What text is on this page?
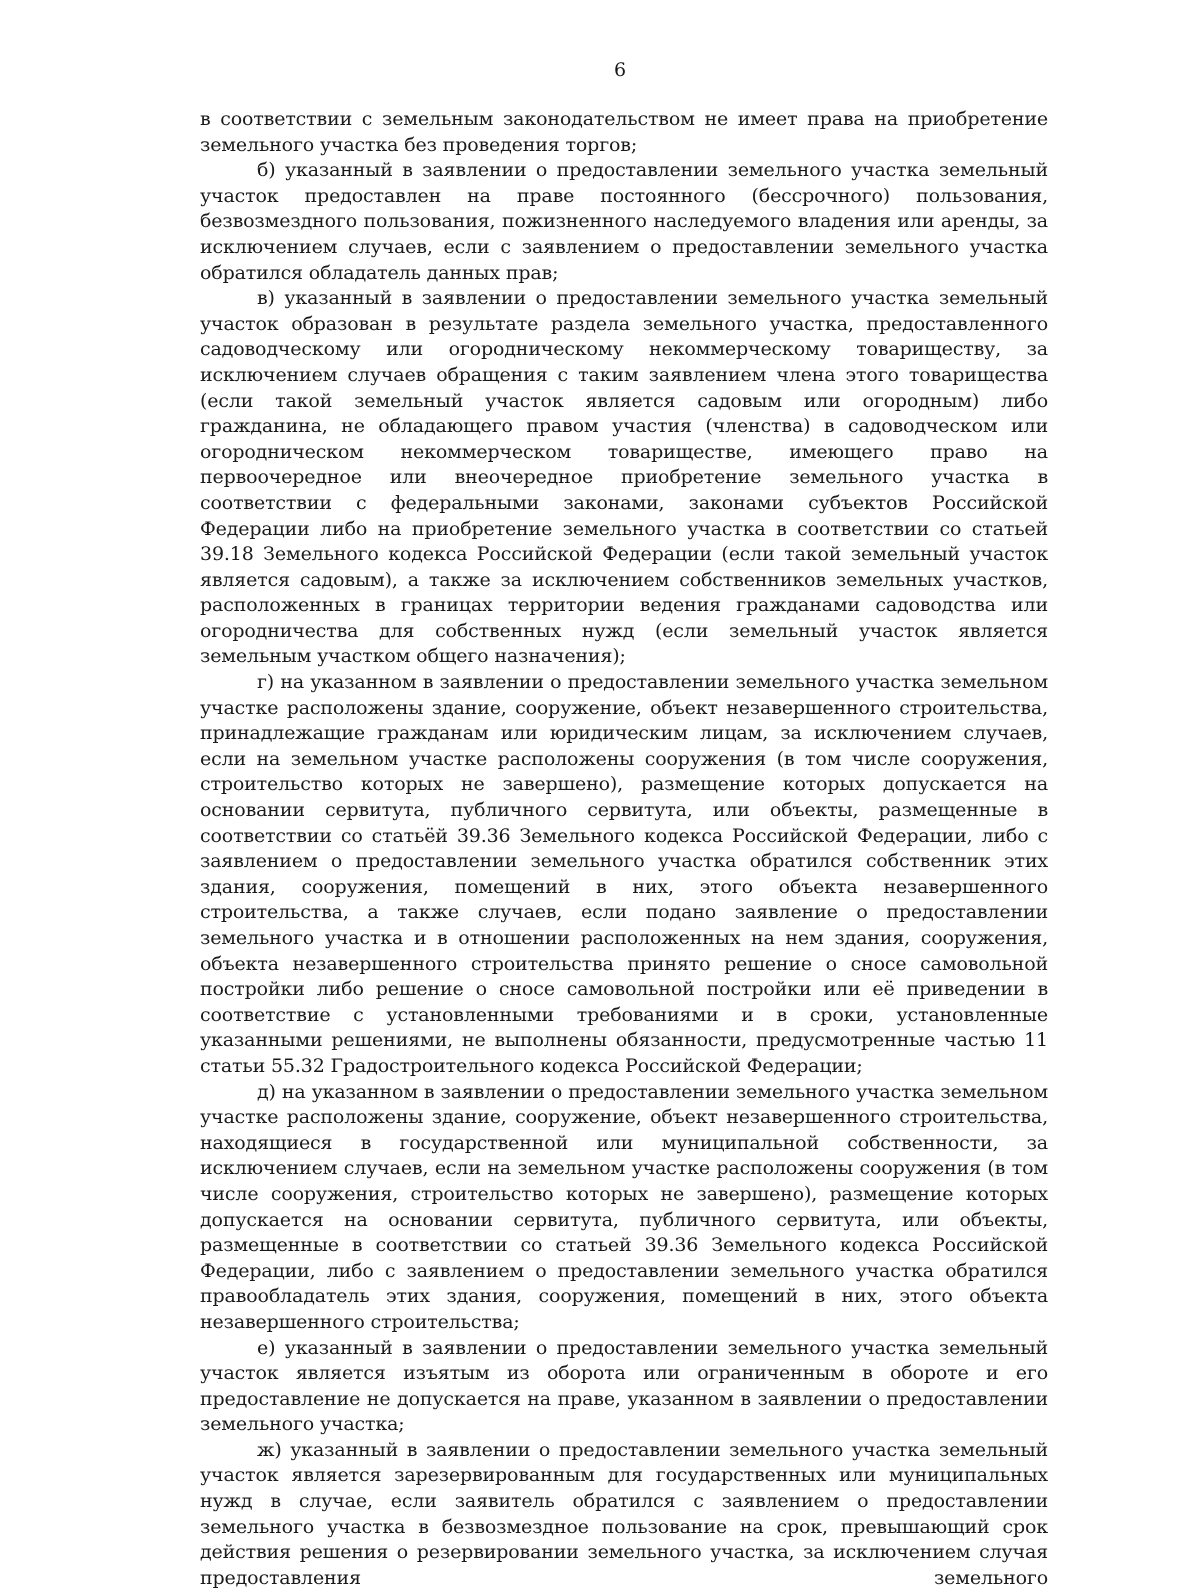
6

в соответствии с земельным законодательством не имеет права на приобретение земельного участка без проведения торгов;

б) указанный в заявлении о предоставлении земельного участка земельный участок предоставлен на праве постоянного (бессрочного) пользования, безвозмездного пользования, пожизненного наследуемого владения или аренды, за исключением случаев, если с заявлением о предоставлении земельного участка обратился обладатель данных прав;

в) указанный в заявлении о предоставлении земельного участка земельный участок образован в результате раздела земельного участка, предоставленного садоводческому или огородническому некоммерческому товариществу, за исключением случаев обращения с таким заявлением члена этого товарищества (если такой земельный участок является садовым или огородным) либо гражданина, не обладающего правом участия (членства) в садоводческом или огородническом некоммерческом товариществе, имеющего право на первоочередное или внеочередное приобретение земельного участка в соответствии с федеральными законами, законами субъектов Российской Федерации либо на приобретение земельного участка в соответствии со статьей 39.18 Земельного кодекса Российской Федерации (если такой земельный участок является садовым), а также за исключением собственников земельных участков, расположенных в границах территории ведения гражданами садоводства или огородничества для собственных нужд (если земельный участок является земельным участком общего назначения);

г) на указанном в заявлении о предоставлении земельного участка земельном участке расположены здание, сооружение, объект незавершенного строительства, принадлежащие гражданам или юридическим лицам, за исключением случаев, если на земельном участке расположены сооружения (в том числе сооружения, строительство которых не завершено), размещение которых допускается на основании сервитута, публичного сервитута, или объекты, размещенные в соответствии со статьёй 39.36 Земельного кодекса Российской Федерации, либо с заявлением о предоставлении земельного участка обратился собственник этих здания, сооружения, помещений в них, этого объекта незавершенного строительства, а также случаев, если подано заявление о предоставлении земельного участка и в отношении расположенных на нем здания, сооружения, объекта незавершенного строительства принято решение о сносе самовольной постройки либо решение о сносе самовольной постройки или её приведении в соответствие с установленными требованиями и в сроки, установленные указанными решениями, не выполнены обязанности, предусмотренные частью 11 статьи 55.32 Градостроительного кодекса Российской Федерации;

д) на указанном в заявлении о предоставлении земельного участка земельном участке расположены здание, сооружение, объект незавершенного строительства, находящиеся в государственной или муниципальной собственности, за исключением случаев, если на земельном участке расположены сооружения (в том числе сооружения, строительство которых не завершено), размещение которых допускается на основании сервитута, публичного сервитута, или объекты, размещенные в соответствии со статьей 39.36 Земельного кодекса Российской Федерации, либо с заявлением о предоставлении земельного участка обратился правообладатель этих здания, сооружения, помещений в них, этого объекта незавершенного строительства;

е) указанный в заявлении о предоставлении земельного участка земельный участок является изъятым из оборота или ограниченным в обороте и его предоставление не допускается на праве, указанном в заявлении о предоставлении земельного участка;

ж) указанный в заявлении о предоставлении земельного участка земельный участок является зарезервированным для государственных или муниципальных нужд в случае, если заявитель обратился с заявлением о предоставлении земельного участка в безвозмездное пользование на срок, превышающий срок действия решения о резервировании земельного участка, за исключением случая предоставления земельного
